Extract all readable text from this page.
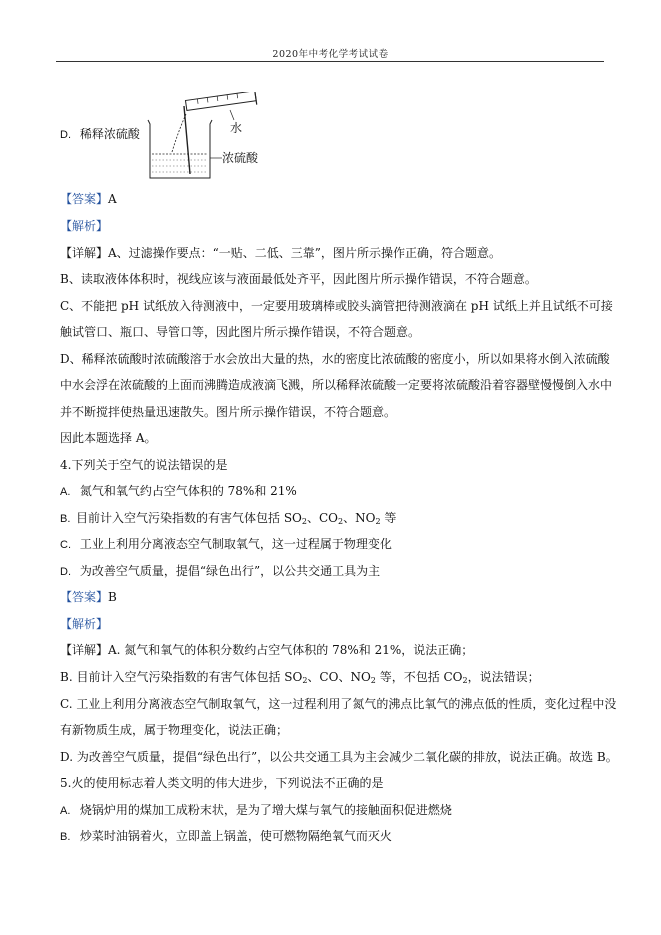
2020年中考化学考试试卷
D. 稀释浓硫酸	水
浓硫酸
【答案】A
【解析】
【详解】A、过滤操作要点：“一贴、二低、三靠”，图片所示操作正确，符合题意。
B、读取液体体积时，视线应该与液面最低处齐平，因此图片所示操作错误，不符合题意。
C、不能把 pH 试纸放入待测液中，一定要用玻璃棒或胶头滴管把待测液滴在 pH 试纸上并且试纸不可接
触试管口、瓶口、导管口等，因此图片所示操作错误，不符合题意。
D、稀释浓硫酸时浓硫酸溶于水会放出大量的热，水的密度比浓硫酸的密度小，所以如果将水倒入浓硫酸
中水会浮在浓硫酸的上面而沸腾造成液滴飞溅，所以稀释浓硫酸一定要将浓硫酸沿着容器壁慢慢倒入水中
并不断搅拌使热量迅速散失。图片所示操作错误，不符合题意。
因此本题选择 A。
4.下列关于空气的说法错误的是
A. 氮气和氧气约占空气体积的 78%和 21%
B. 目前计入空气污染指数的有害气体包括 $SO_2$、$CO_2$、$NO_2$ 等
C. 工业上利用分离液态空气制取氧气，这一过程属于物理变化
D. 为改善空气质量，提倡“绿色出行”，以公共交通工具为主
【答案】B
【解析】
【详解】A. 氮气和氧气的体积分数约占空气体积的 78%和 21%，说法正确；
B. 目前计入空气污染指数的有害气体包括 $SO_2$、CO、$NO_2$ 等，不包括 $CO_2$，说法错误；
C. 工业上利用分离液态空气制取氧气，这一过程利用了氮气的沸点比氧气的沸点低的性质，变化过程中没
有新物质生成，属于物理变化，说法正确；
D. 为改善空气质量，提倡“绿色出行”，以公共交通工具为主会减少二氧化碳的排放，说法正确。故选 B。
5.火的使用标志着人类文明的伟大进步，下列说法不正确的是
A. 烧锅炉用的煤加工成粉末状，是为了增大煤与氧气的接触面积促进燃烧
B. 炒菜时油锅着火，立即盖上锅盖，使可燃物隔绝氧气而灭火
